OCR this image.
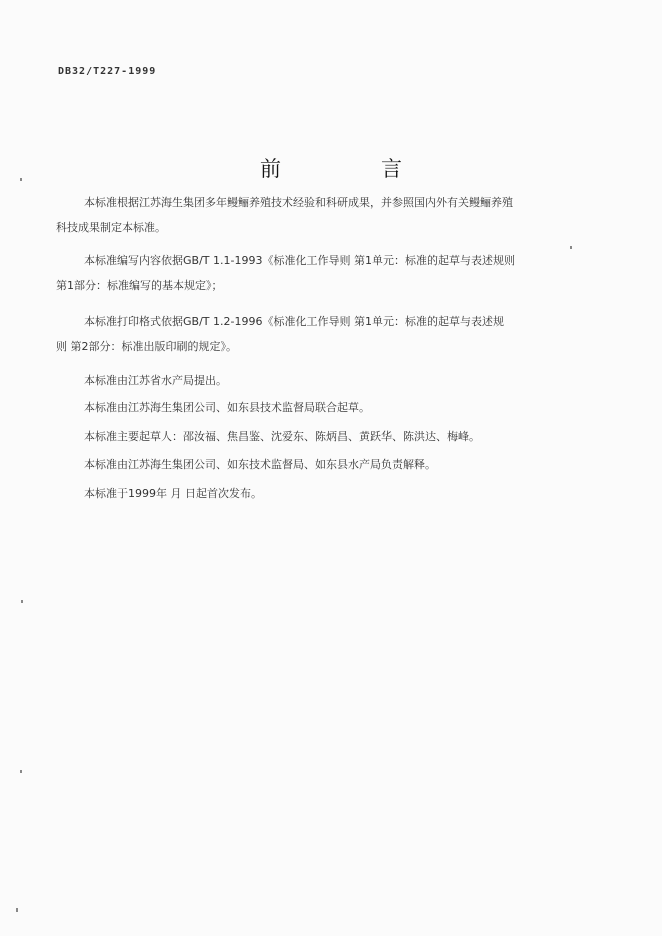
DB32/T227-1999
前	言
本标准根据江苏海生集团多年鳗鲡养殖技术经验和科研成果，并参照国内外有关鳗鲡养殖
科技成果制定本标准。
本标准编写内容依据GB/T 1.1-1993《标准化工作导则 第1单元：标准的起草与表述规则
第1部分：标准编写的基本规定》；
本标准打印格式依据GB/T 1.2-1996《标准化工作导则 第1单元：标准的起草与表述规
则 第2部分：标准出版印刷的规定》。
本标准由江苏省水产局提出。
本标准由江苏海生集团公司、如东县技术监督局联合起草。
本标准主要起草人：邵汝福、焦昌鉴、沈爱东、陈炳昌、黄跃华、陈洪达、梅峰。
本标准由江苏海生集团公司、如东技术监督局、如东县水产局负责解释。
本标准于1999年 月 日起首次发布。
